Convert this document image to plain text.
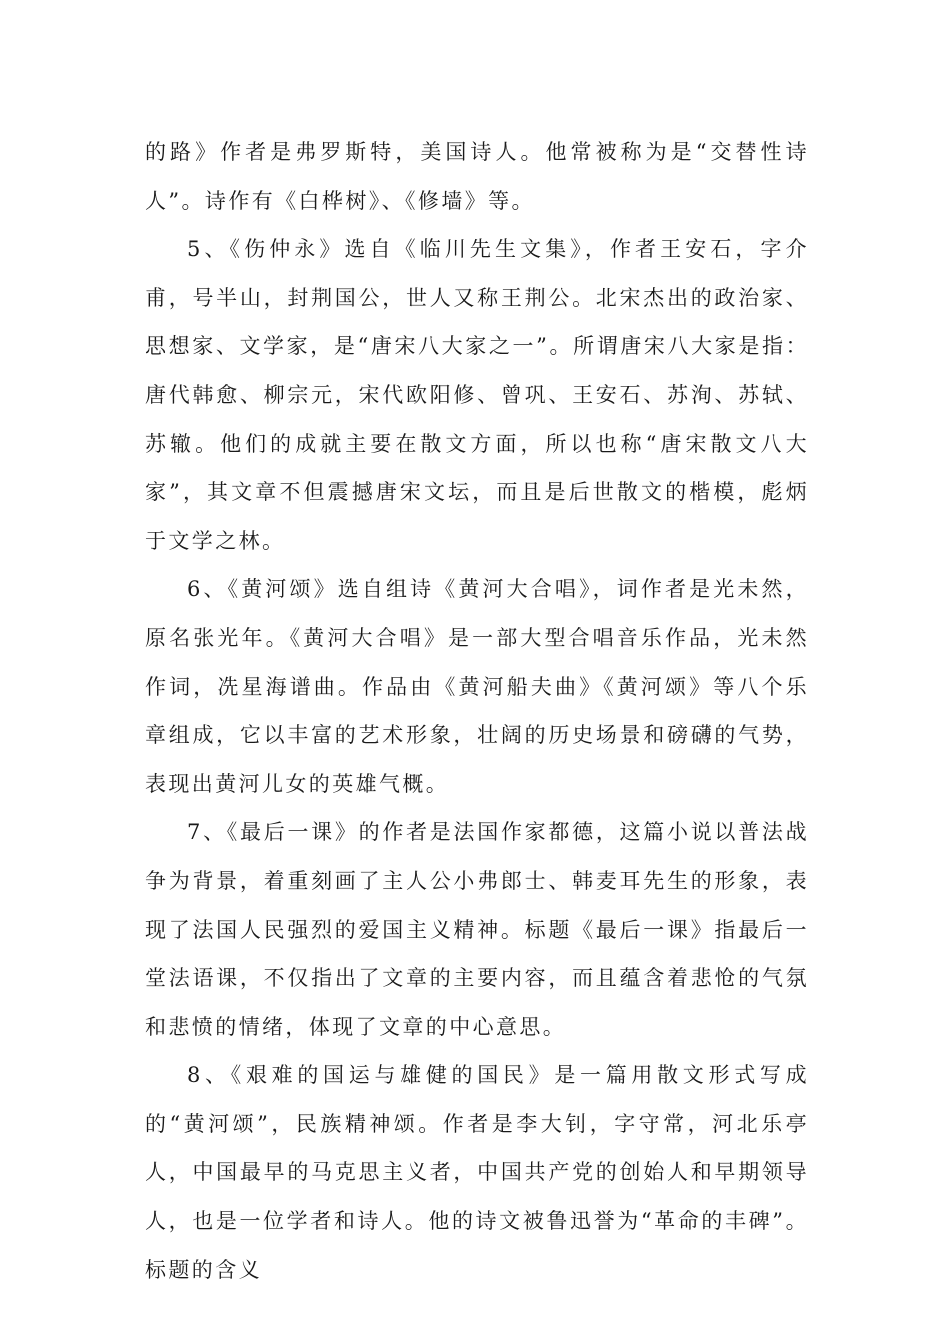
的路》作者是弗罗斯特，美国诗人。他常被称为是“交替性诗人”。诗作有《白桦树》、《修墙》等。

5、《伤仲永》选自《临川先生文集》，作者王安石，字介甫，号半山，封荆国公，世人又称王荆公。北宋杰出的政治家、思想家、文学家，是“唐宋八大家之一”。所谓唐宋八大家是指：唐代韩愈、柳宗元，宋代欧阳修、曾巩、王安石、苏洵、苏轼、苏辙。他们的成就主要在散文方面，所以也称“唐宋散文八大家”，其文章不但震撼唐宋文坛，而且是后世散文的楷模，彪炳于文学之林。

6、《黄河颂》选自组诗《黄河大合唱》，词作者是光未然，原名张光年。《黄河大合唱》是一部大型合唱音乐作品，光未然作词，冼星海谱曲。作品由《黄河船夫曲》《黄河颂》等八个乐章组成，它以丰富的艺术形象，壮阔的历史场景和磅礴的气势，表现出黄河儿女的英雄气概。

7、《最后一课》的作者是法国作家都德，这篇小说以普法战争为背景，着重刻画了主人公小弗郎士、韩麦耳先生的形象，表现了法国人民强烈的爱国主义精神。标题《最后一课》指最后一堂法语课，不仅指出了文章的主要内容，而且蕴含着悲怆的气氛和悲愤的情绪，体现了文章的中心意思。

8、《艰难的国运与雄健的国民》是一篇用散文形式写成的“黄河颂”，民族精神颂。作者是李大钊，字守常，河北乐亭人，中国最早的马克思主义者，中国共产党的创始人和早期领导人，也是一位学者和诗人。他的诗文被鲁迅誉为“革命的丰碑”。标题的含义
